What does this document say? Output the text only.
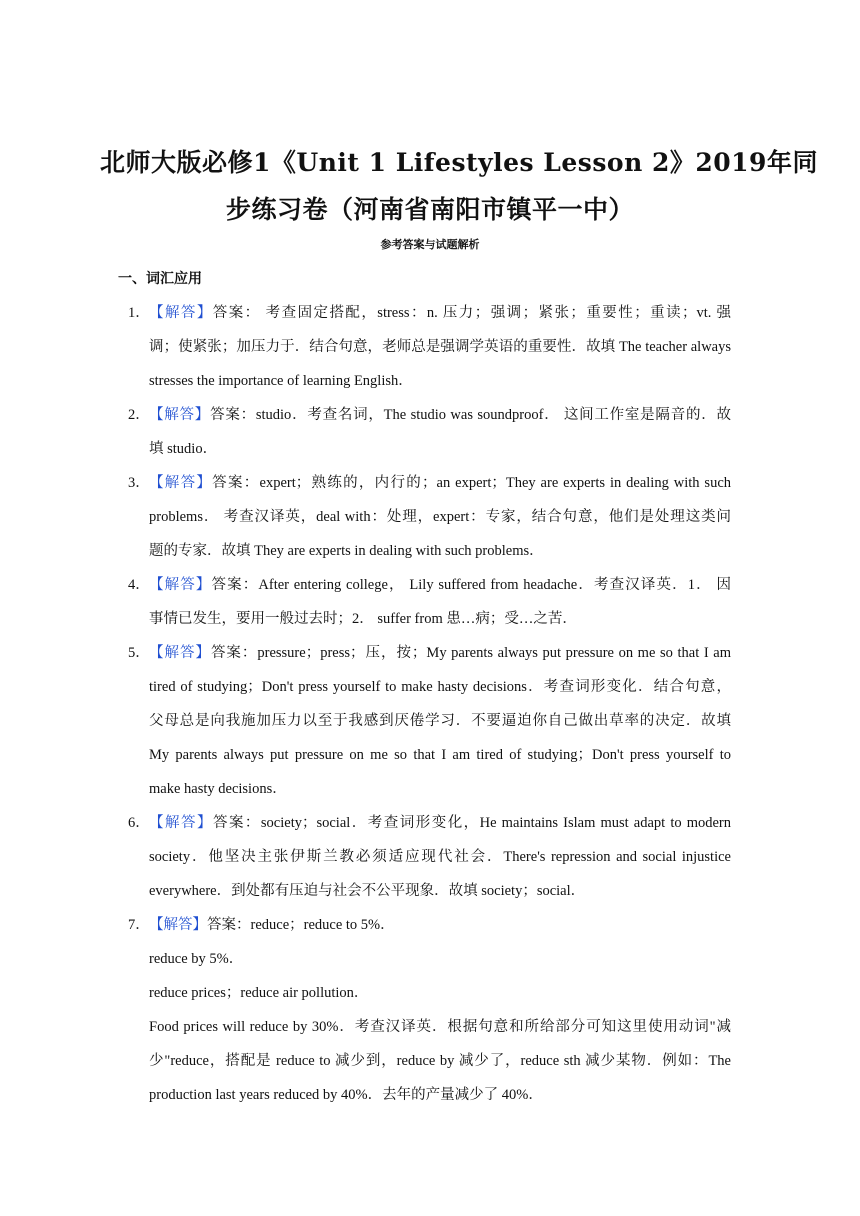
北师大版必修1《Unit 1 Lifestyles Lesson 2》2019年同
步练习卷（河南省南阳市镇平一中）
参考答案与试题解析
一、词汇应用
1． 【解答】答案： 考查固定搭配，stress：n. 压力；强调；紧张；重要性；重读；vt. 强
调；使紧张；加压力于．结合句意，老师总是强调学英语的重要性．故填 The teacher always
stresses the importance of learning English．
2． 【解答】答案：studio．考查名词，The studio was soundproof． 这间工作室是隔音的．故
填 studio．
3． 【解答】答案：expert；熟练的，内行的；an expert；They are experts in dealing with such
problems． 考查汉译英，deal with：处理，expert：专家，结合句意，他们是处理这类问
题的专家．故填 They are experts in dealing with such problems．
4． 【解答】答案：After entering college， Lily suffered from headache．考查汉译英．1． 因
事情已发生，要用一般过去时；2． suffer from 患…病；受…之苦．
5． 【解答】答案：pressure；press；压，按；My parents always put pressure on me so that I am
tired of studying；Don't press yourself to make hasty decisions．考查词形变化．结合句意，
父母总是向我施加压力以至于我感到厌倦学习．不要逼迫你自己做出草率的决定．故填
My parents always put pressure on me so that I am tired of studying；Don't press yourself to
make hasty decisions．
6． 【解答】答案：society；social．考查词形变化，He maintains Islam must adapt to modern
society．他坚决主张伊斯兰教必须适应现代社会．There's repression and social injustice
everywhere．到处都有压迫与社会不公平现象．故填 society；social．
7． 【解答】答案：reduce；reduce to 5%．
reduce by 5%．
reduce prices；reduce air pollution．
Food prices will reduce by 30%．考查汉译英．根据句意和所给部分可知这里使用动词"减
少"reduce，搭配是 reduce to 减少到，reduce by 减少了，reduce sth 减少某物．例如：The
production last years reduced by 40%．去年的产量减少了 40%．
